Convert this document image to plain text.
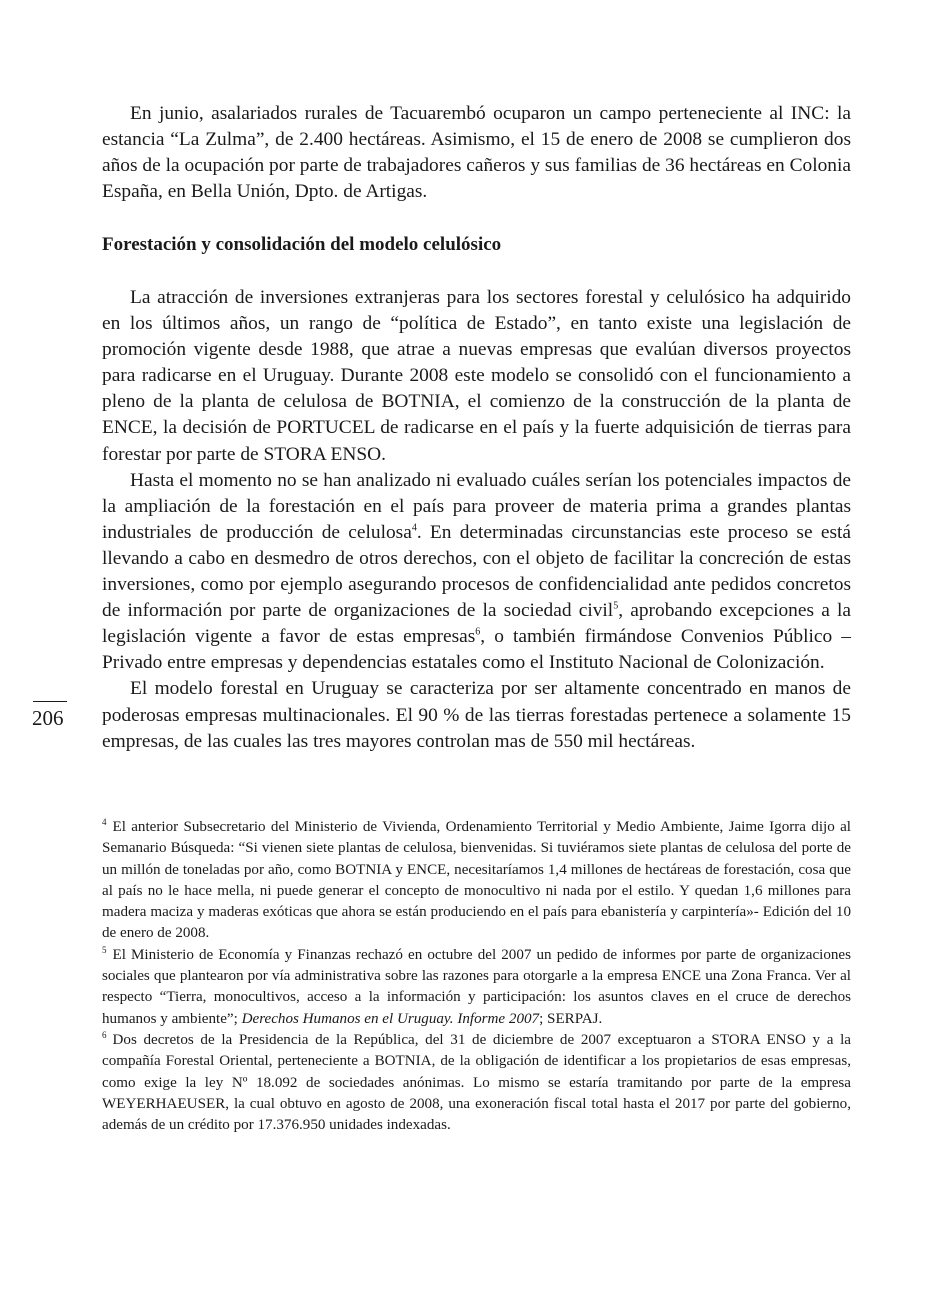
En junio, asalariados rurales de Tacuarembó ocuparon un campo perteneciente al INC: la estancia “La Zulma”, de 2.400 hectáreas. Asimismo, el 15 de enero de 2008 se cumplieron dos años de la ocupación por parte de trabajadores cañeros y sus familias de 36 hectáreas en Colonia España, en Bella Unión, Dpto. de Artigas.

Forestación y consolidación del modelo celulósico

La atracción de inversiones extranjeras para los sectores forestal y celulósico ha adquirido en los últimos años, un rango de “política de Estado”, en tanto existe una legislación de promoción vigente desde 1988, que atrae a nuevas empresas que evalúan diversos proyectos para radicarse en el Uruguay. Durante 2008 este modelo se consolidó con el funcionamiento a pleno de la planta de celulosa de BOTNIA, el comienzo de la construcción de la planta de ENCE, la decisión de PORTUCEL de radicarse en el país y la fuerte adquisición de tierras para forestar por parte de STORA ENSO.

Hasta el momento no se han analizado ni evaluado cuáles serían los potenciales impactos de la ampliación de la forestación en el país para proveer de materia prima a grandes plantas industriales de producción de celulosa$^4$. En determinadas circunstancias este proceso se está llevando a cabo en desmedro de otros derechos, con el objeto de facilitar la concreción de estas inversiones, como por ejemplo asegurando procesos de confidencialidad ante pedidos concretos de información por parte de organizaciones de la sociedad civil$^5$, aprobando excepciones a la legislación vigente a favor de estas empresas$^6$, o también firmándose Convenios Público – Privado entre empresas y dependencias estatales como el Instituto Nacional de Colonización.

El modelo forestal en Uruguay se caracteriza por ser altamente concentrado en manos de poderosas empresas multinacionales. El 90 % de las tierras forestadas pertenece a solamente 15 empresas, de las cuales las tres mayores controlan mas de 550 mil hectáreas.

206

$^4$ El anterior Subsecretario del Ministerio de Vivienda, Ordenamiento Territorial y Medio Ambiente, Jaime Igorra dijo al Semanario Búsqueda: “Si vienen siete plantas de celulosa, bienvenidas. Si tuviéramos siete plantas de celulosa del porte de un millón de toneladas por año, como BOTNIA y ENCE, necesitaríamos 1,4 millones de hectáreas de forestación, cosa que al país no le hace mella, ni puede generar el concepto de monocultivo ni nada por el estilo. Y quedan 1,6 millones para madera maciza y maderas exóticas que ahora se están produciendo en el país para ebanistería y carpintería»- Edición del 10 de enero de 2008.

$^5$ El Ministerio de Economía y Finanzas rechazó en octubre del 2007 un pedido de informes por parte de organizaciones sociales que plantearon por vía administrativa sobre las razones para otorgarle a la empresa ENCE una Zona Franca. Ver al respecto “Tierra, monocultivos, acceso a la información y participación: los asuntos claves en el cruce de derechos humanos y ambiente”; Derechos Humanos en el Uruguay. Informe 2007; SERPAJ.

$^6$ Dos decretos de la Presidencia de la República, del 31 de diciembre de 2007 exceptuaron a STORA ENSO y a la compañía Forestal Oriental, perteneciente a BOTNIA, de la obligación de identificar a los propietarios de esas empresas, como exige la ley Nº 18.092 de sociedades anónimas. Lo mismo se estaría tramitando por parte de la empresa WEYERHAEUSER, la cual obtuvo en agosto de 2008, una exoneración fiscal total hasta el 2017 por parte del gobierno, además de un crédito por 17.376.950 unidades indexadas.
